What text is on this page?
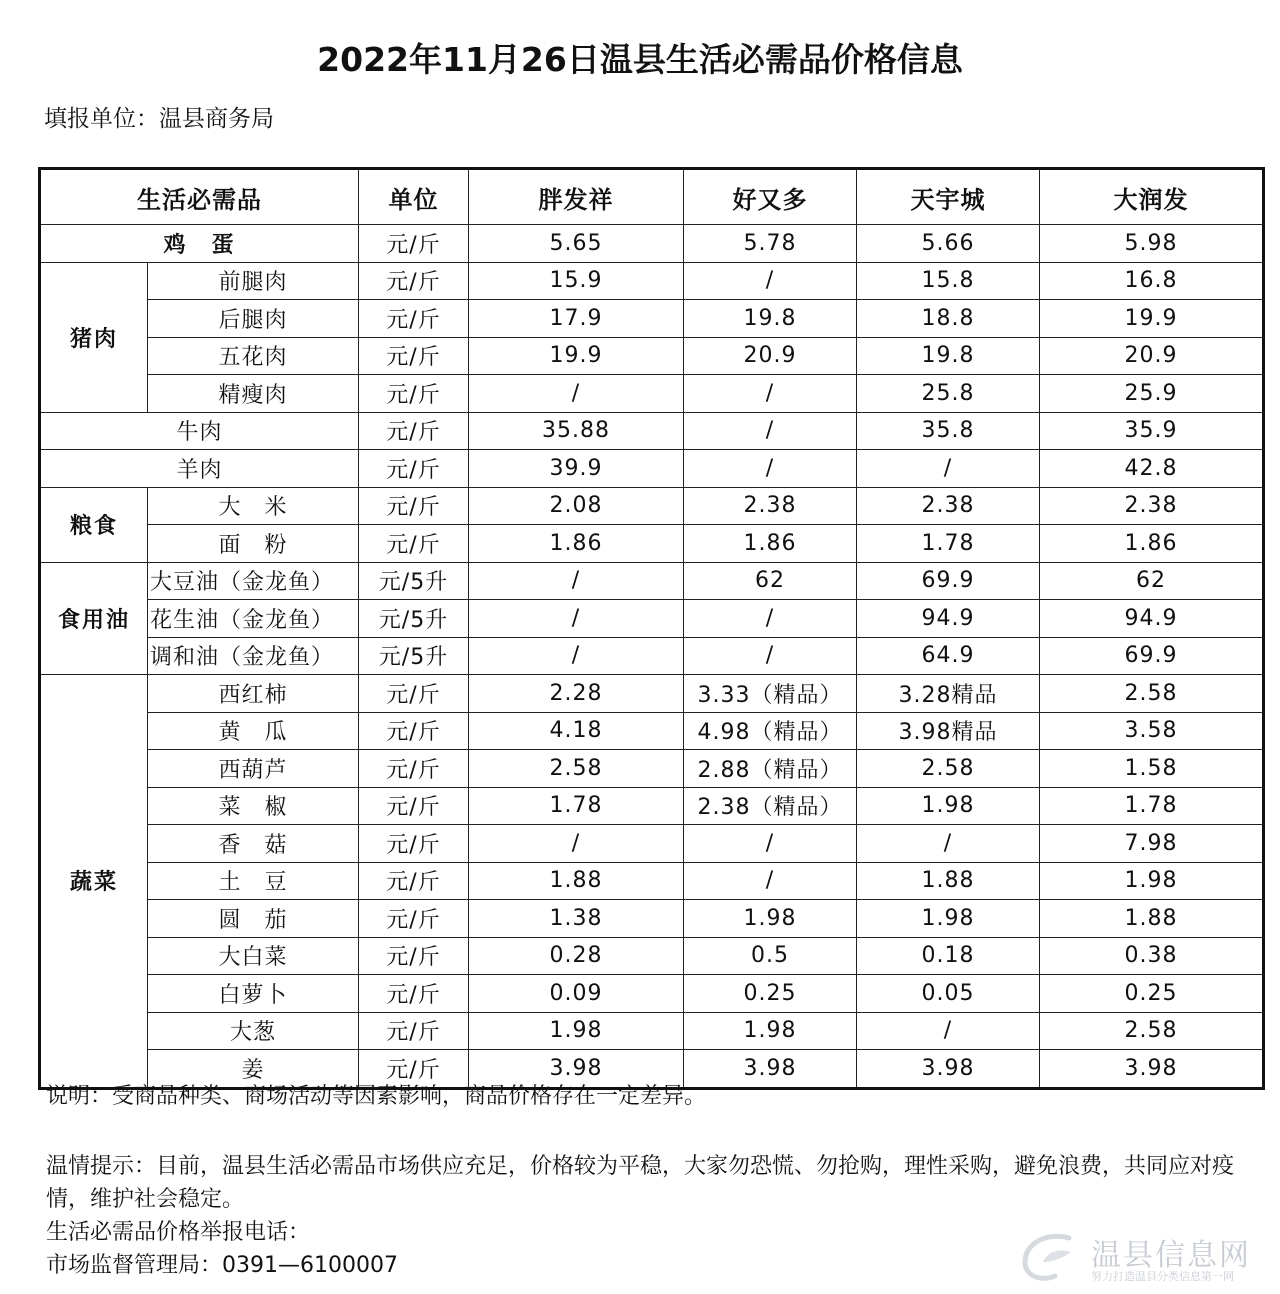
2022年11月26日温县生活必需品价格信息
填报单位：温县商务局
生活必需品		单位	胖发祥	好又多	天宇城	大润发
鸡　蛋		元/斤	5.65	5.78	5.66	5.98
猪肉	前腿肉	元/斤	15.9	/	15.8	16.8
	后腿肉	元/斤	17.9	19.8	18.8	19.9
	五花肉	元/斤	19.9	20.9	19.8	20.9
	精瘦肉	元/斤	/	/	25.8	25.9
牛肉		元/斤	35.88	/	35.8	35.9
羊肉		元/斤	39.9	/	/	42.8
粮食	大　米	元/斤	2.08	2.38	2.38	2.38
	面　粉	元/斤	1.86	1.86	1.78	1.86
食用油	大豆油（金龙鱼）	元/5升	/	62	69.9	62
	花生油（金龙鱼）	元/5升	/	/	94.9	94.9
	调和油（金龙鱼）	元/5升	/	/	64.9	69.9
蔬菜	西红柿	元/斤	2.28	3.33（精品）	3.28精品	2.58
	黄　瓜	元/斤	4.18	4.98（精品）	3.98精品	3.58
	西葫芦	元/斤	2.58	2.88（精品）	2.58	1.58
	菜　椒	元/斤	1.78	2.38（精品）	1.98	1.78
	香　菇	元/斤	/	/	/	7.98
	土　豆	元/斤	1.88	/	1.88	1.98
	圆　茄	元/斤	1.38	1.98	1.98	1.88
	大白菜	元/斤	0.28	0.5	0.18	0.38
	白萝卜	元/斤	0.09	0.25	0.05	0.25
	大葱	元/斤	1.98	1.98	/	2.58
	姜	元/斤	3.98	3.98	3.98	3.98
说明：受商品种类、商场活动等因素影响，商品价格存在一定差异。

温情提示：目前，温县生活必需品市场供应充足，价格较为平稳，大家勿恐慌、勿抢购，理性采购，避免浪费，共同应对疫情，维护社会稳定。

生活必需品价格举报电话：

市场监督管理局：0391—6100007	温县信息网
努力打造温县分类信息第一网
